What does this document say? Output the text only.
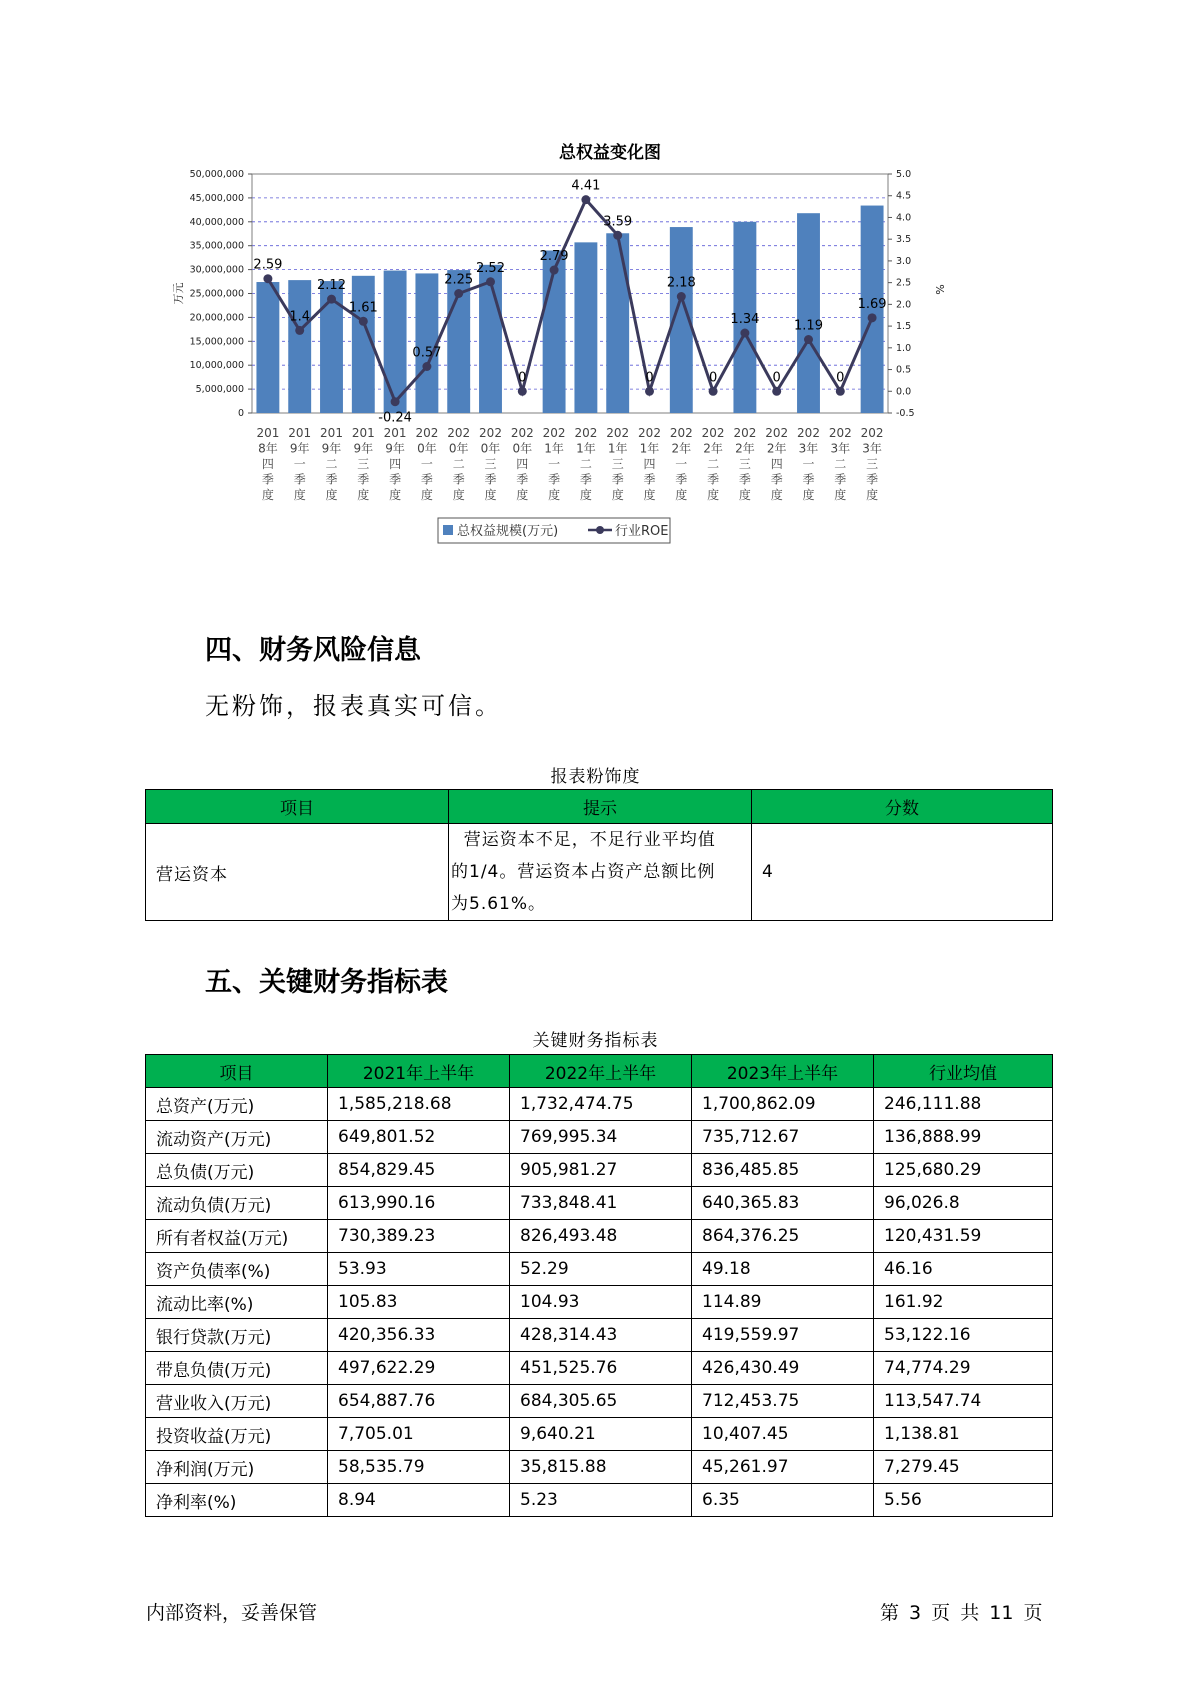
总权益变化图
0
5,000,000
10,000,000
15,000,000
20,000,000
25,000,000
30,000,000
35,000,000
40,000,000
45,000,000
50,000,000
-0.5
0.0
0.5
1.0
1.5
2.0
2.5
3.0
3.5
4.0
4.5
5.0
万元	%
2.59
1.4
2.12
1.61
-0.24
0.57
2.25
2.52
0
2.79
4.41
3.59
0
2.18
0
1.34
0
1.19
0
1.69
201
8年
四
季
度
201
9年
一
季
度
201
9年
二
季
度
201
9年
三
季
度
201
9年
四
季
度
202
0年
一
季
度
202
0年
二
季
度
202
0年
三
季
度
202
0年
四
季
度
202
1年
一
季
度
202
1年
二
季
度
202
1年
三
季
度
202
1年
四
季
度
202
2年
一
季
度
202
2年
二
季
度
202
2年
三
季
度
202
2年
四
季
度
202
3年
一
季
度
202
3年
二
季
度
202
3年
三
季
度
总权益规模(万元)	行业ROE
四、财务风险信息
无粉饰，报表真实可信。
报表粉饰度
项目	提示	分数
营运资本	营运资本不足，不足行业平均值
的1/4。营运资本占资产总额比例
为5.61%。	4
五、关键财务指标表
关键财务指标表
项目	2021年上半年	2022年上半年	2023年上半年	行业均值
总资产(万元)	1,585,218.68	1,732,474.75	1,700,862.09	246,111.88
流动资产(万元)	649,801.52	769,995.34	735,712.67	136,888.99
总负债(万元)	854,829.45	905,981.27	836,485.85	125,680.29
流动负债(万元)	613,990.16	733,848.41	640,365.83	96,026.8
所有者权益(万元)	730,389.23	826,493.48	864,376.25	120,431.59
资产负债率(%)	53.93	52.29	49.18	46.16
流动比率(%)	105.83	104.93	114.89	161.92
银行贷款(万元)	420,356.33	428,314.43	419,559.97	53,122.16
带息负债(万元)	497,622.29	451,525.76	426,430.49	74,774.29
营业收入(万元)	654,887.76	684,305.65	712,453.75	113,547.74
投资收益(万元)	7,705.01	9,640.21	10,407.45	1,138.81
净利润(万元)	58,535.79	35,815.88	45,261.97	7,279.45
净利率(%)	8.94	5.23	6.35	5.56
内部资料，妥善保管	第 3 页 共 11 页
